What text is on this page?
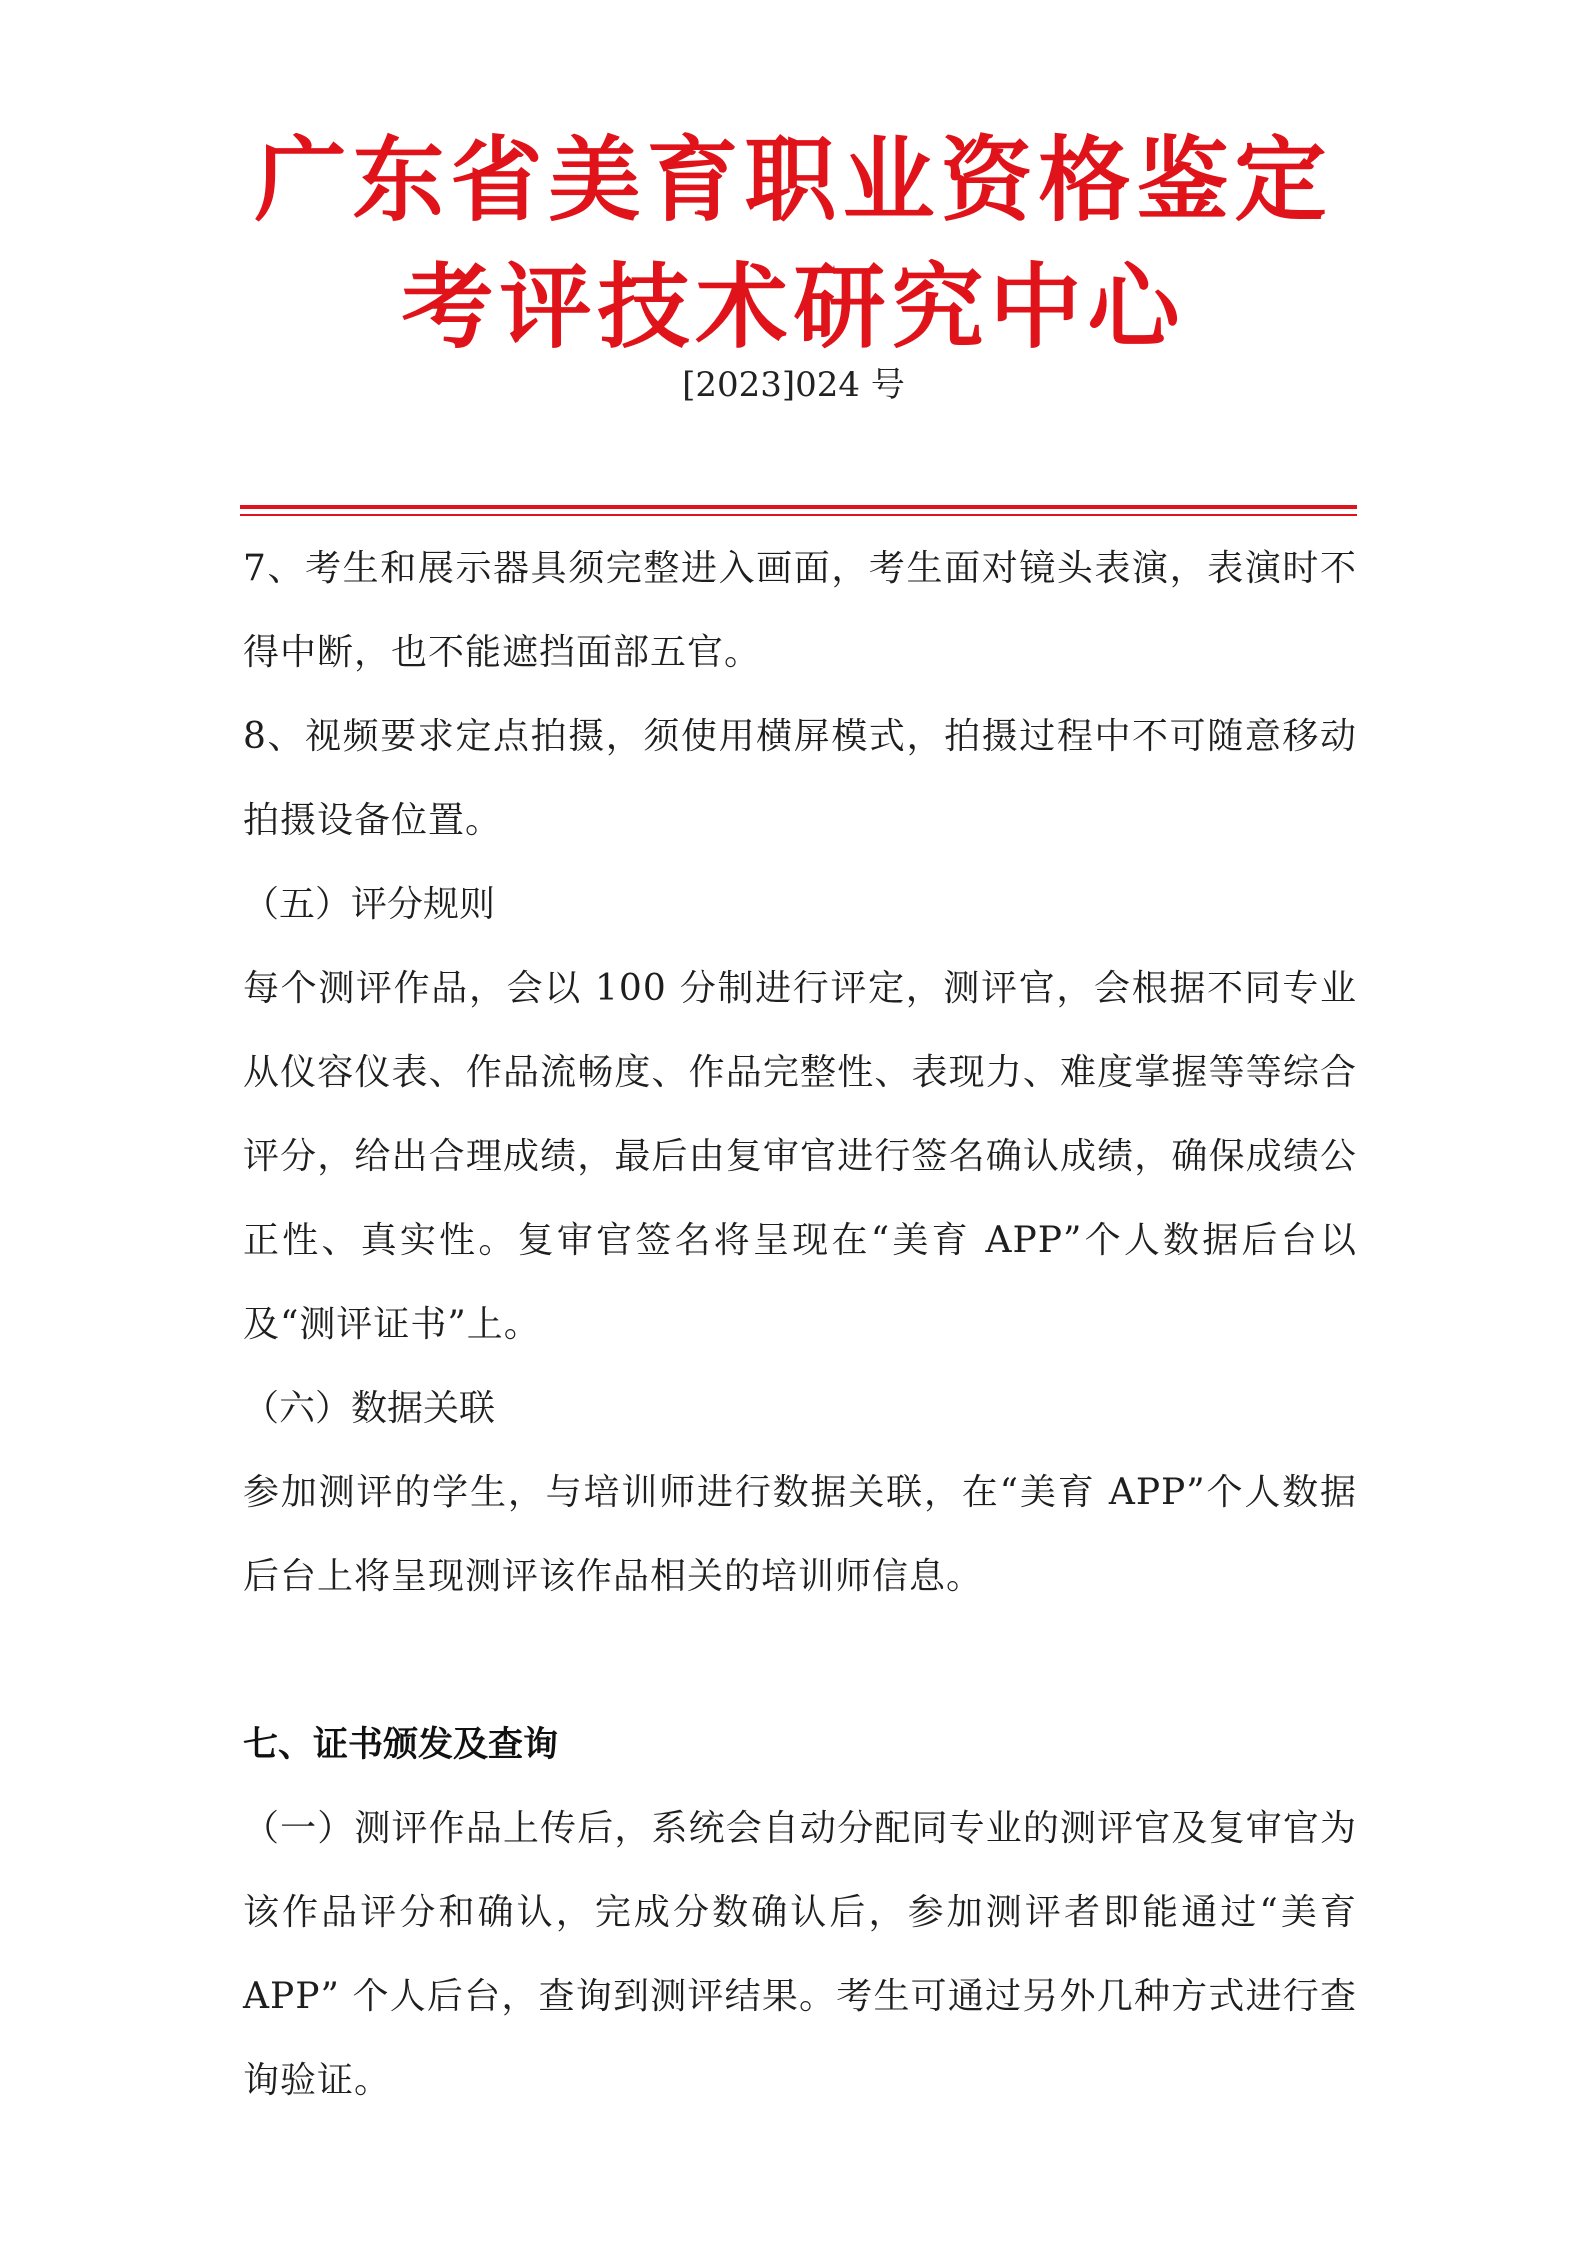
广东省美育职业资格鉴定
考评技术研究中心
[2023]024 号

7、考生和展示器具须完整进入画面，考生面对镜头表演，表演时不得中断，也不能遮挡面部五官。

8、视频要求定点拍摄，须使用横屏模式，拍摄过程中不可随意移动拍摄设备位置。

（五）评分规则

每个测评作品，会以 100 分制进行评定，测评官，会根据不同专业从仪容仪表、作品流畅度、作品完整性、表现力、难度掌握等等综合评分，给出合理成绩，最后由复审官进行签名确认成绩，确保成绩公正性、真实性。复审官签名将呈现在“美育 APP”个人数据后台以及“测评证书”上。

（六）数据关联

参加测评的学生，与培训师进行数据关联，在“美育 APP”个人数据后台上将呈现测评该作品相关的培训师信息。

七、证书颁发及查询

（一）测评作品上传后，系统会自动分配同专业的测评官及复审官为该作品评分和确认，完成分数确认后，参加测评者即能通过“美育 APP” 个人后台，查询到测评结果。考生可通过另外几种方式进行查询验证。
